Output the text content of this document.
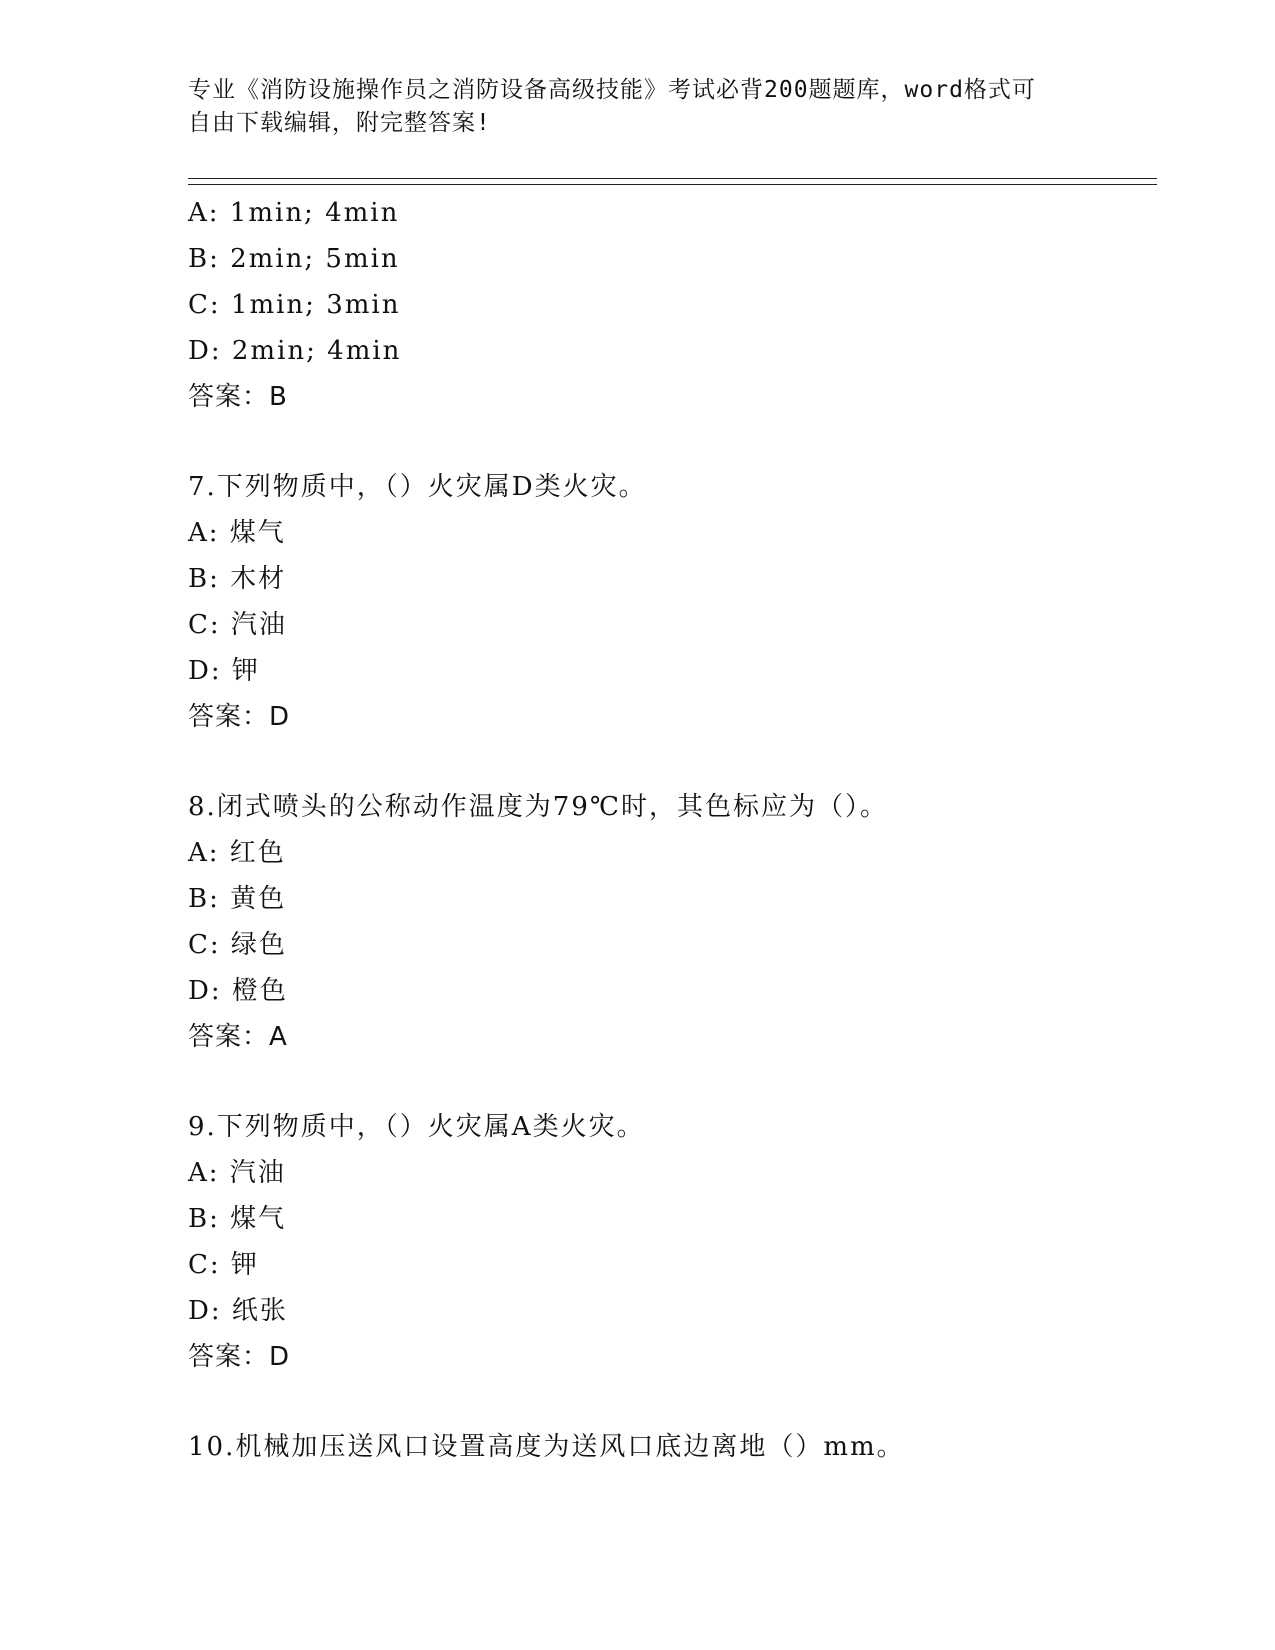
专业《消防设施操作员之消防设备高级技能》考试必背200题题库，word格式可
自由下载编辑，附完整答案!
A: 1min; 4min
B: 2min; 5min
C: 1min; 3min
D: 2min; 4min
答案：B
7.下列物质中，（）火灾属D类火灾。
A: 煤气
B: 木材
C: 汽油
D: 钾
答案：D
8.闭式喷头的公称动作温度为79℃时，其色标应为（）。
A: 红色
B: 黄色
C: 绿色
D: 橙色
答案：A
9.下列物质中，（）火灾属A类火灾。
A: 汽油
B: 煤气
C: 钾
D: 纸张
答案：D
10.机械加压送风口设置高度为送风口底边离地（）mm。
